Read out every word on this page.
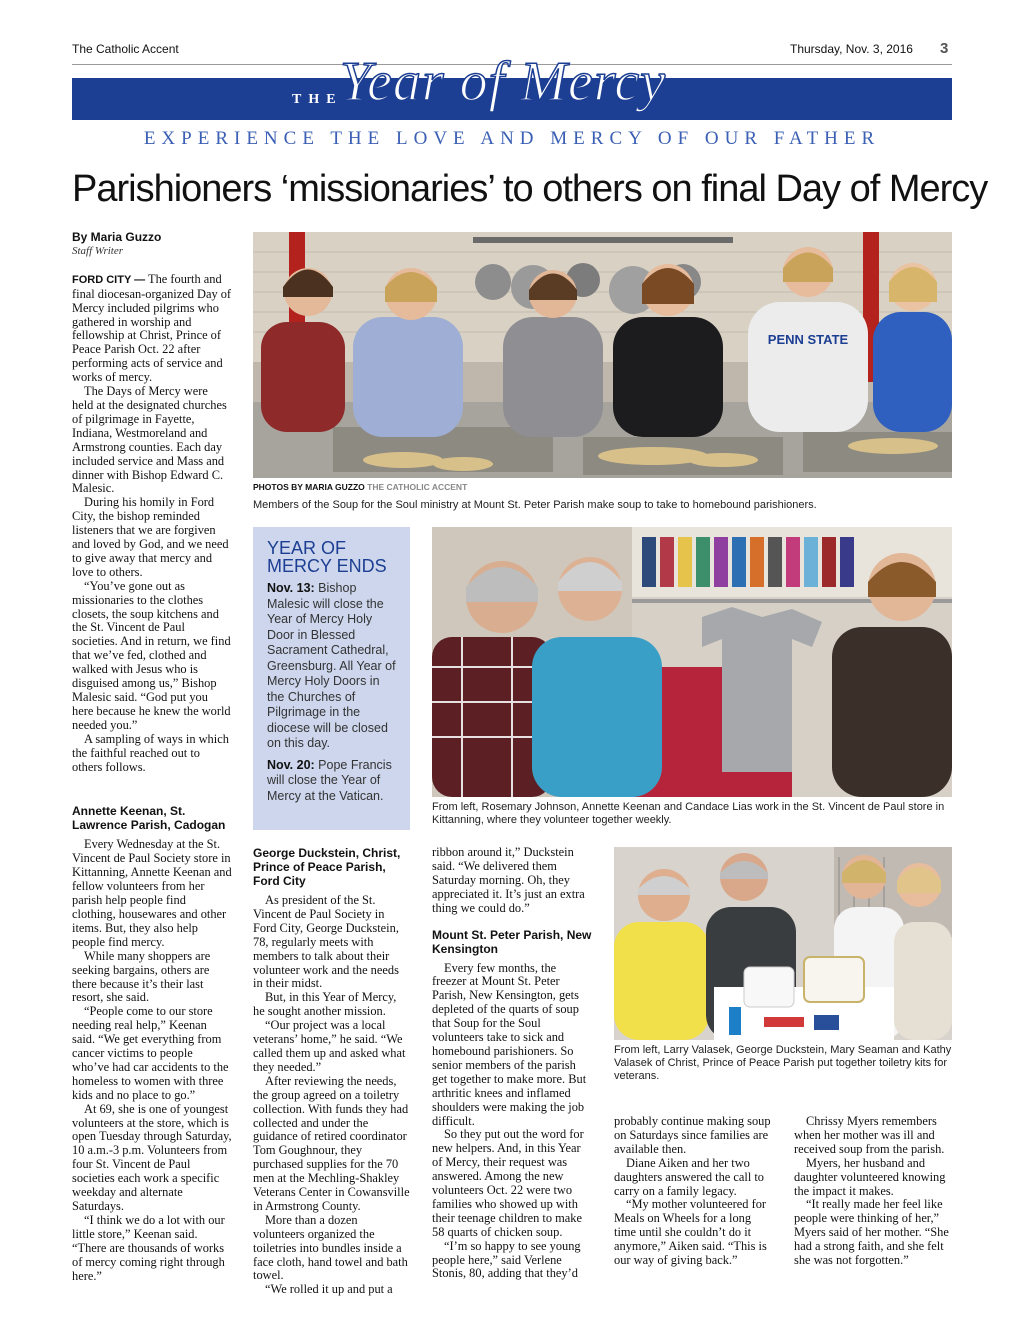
The Catholic Accent	Thursday, Nov. 3, 2016 3
THE
Year of Mercy
EXPERIENCE THE LOVE AND MERCY OF OUR FATHER
Parishioners ‘missionaries’ to others on final Day of Mercy
By Maria Guzzo
Staff Writer

FORD CITY — The fourth and final diocesan-organized Day of Mercy included pilgrims who gathered in worship and fellowship at Christ, Prince of Peace Parish Oct. 22 after performing acts of service and works of mercy.

The Days of Mercy were held at the designated churches of pilgrimage in Fayette, Indiana, Westmoreland and Armstrong counties. Each day included service and Mass and dinner with Bishop Edward C. Malesic.

During his homily in Ford City, the bishop reminded listeners that we are forgiven and loved by God, and we need to give away that mercy and love to others.

“You’ve gone out as missionaries to the clothes closets, the soup kitchens and the St. Vincent de Paul societies. And in return, we find that we’ve fed, clothed and walked with Jesus who is disguised among us,” Bishop Malesic said. “God put you here because he knew the world needed you.”

A sampling of ways in which the faithful reached out to others follows.

Annette Keenan, St. Lawrence Parish, Cadogan

Every Wednesday at the St. Vincent de Paul Society store in Kittanning, Annette Keenan and fellow volunteers from her parish help people find clothing, housewares and other items. But, they also help people find mercy.

While many shoppers are seeking bargains, others are there because it’s their last resort, she said.

“People come to our store needing real help,” Keenan said. “We get everything from cancer victims to people who’ve had car accidents to the homeless to women with three kids and no place to go.”

At 69, she is one of youngest volunteers at the store, which is open Tuesday through Saturday, 10 a.m.-3 p.m. Volunteers from four St. Vincent de Paul societies each work a specific weekday and alternate Saturdays.

“I think we do a lot with our little store,” Keenan said. “There are thousands of works of mercy coming right through here.”

PENN STATE
PHOTOS BY MARIA GUZZO THE CATHOLIC ACCENT
Members of the Soup for the Soul ministry at Mount St. Peter Parish make soup to take to homebound parishioners.
YEAR OF MERCY ENDS

Nov. 13: Bishop Malesic will close the Year of Mercy Holy Door in Blessed Sacrament Cathedral, Greensburg. All Year of Mercy Holy Doors in the Churches of Pilgrimage in the diocese will be closed on this day.

Nov. 20: Pope Francis will close the Year of Mercy at the Vatican.

From left, Rosemary Johnson, Annette Keenan and Candace Lias work in the St. Vincent de Paul store in Kittanning, where they volunteer together weekly.
From left, Larry Valasek, George Duckstein, Mary Seaman and Kathy Valasek of Christ, Prince of Peace Parish put together toiletry kits for veterans.
George Duckstein, Christ, Prince of Peace Parish, Ford City

As president of the St. Vincent de Paul Society in Ford City, George Duckstein, 78, regularly meets with members to talk about their volunteer work and the needs in their midst.

But, in this Year of Mercy, he sought another mission.

“Our project was a local veterans’ home,” he said. “We called them up and asked what they needed.”

After reviewing the needs, the group agreed on a toiletry collection. With funds they had collected and under the guidance of retired coordinator Tom Goughnour, they purchased supplies for the 70 men at the Mechling-Shakley Veterans Center in Cowansville in Armstrong County.

More than a dozen volunteers organized the toiletries into bundles inside a face cloth, hand towel and bath towel.

“We rolled it up and put a

ribbon around it,” Duckstein said. “We delivered them Saturday morning. Oh, they appreciated it. It’s just an extra thing we could do.”

Mount St. Peter Parish, New Kensington

Every few months, the freezer at Mount St. Peter Parish, New Kensington, gets depleted of the quarts of soup that Soup for the Soul volunteers take to sick and homebound parishioners. So senior members of the parish get together to make more. But arthritic knees and inflamed shoulders were making the job difficult.

So they put out the word for new helpers. And, in this Year of Mercy, their request was answered. Among the new volunteers Oct. 22 were two families who showed up with their teenage children to make 58 quarts of chicken soup.

“I’m so happy to see young people here,” said Verlene Stonis, 80, adding that they’d

probably continue making soup on Saturdays since families are available then.

Diane Aiken and her two daughters answered the call to carry on a family legacy.

“My mother volunteered for Meals on Wheels for a long time until she couldn’t do it anymore,” Aiken said. “This is our way of giving back.”

Chrissy Myers remembers when her mother was ill and received soup from the parish.

Myers, her husband and daughter volunteered knowing the impact it makes.

“It really made her feel like people were thinking of her,” Myers said of her mother. “She had a strong faith, and she felt she was not forgotten.”
